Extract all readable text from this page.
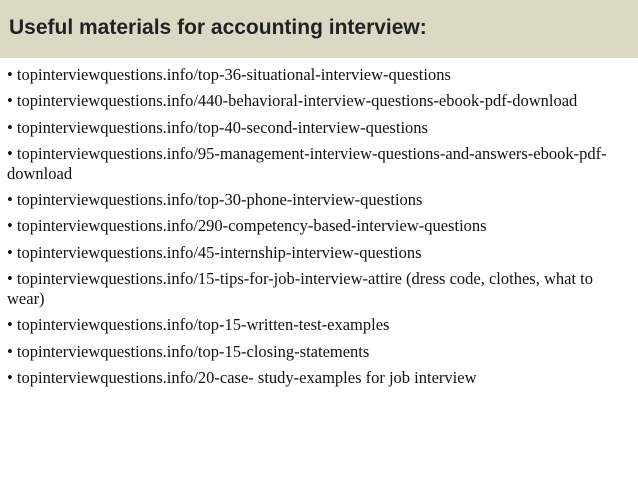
Useful materials for accounting interview:
• topinterviewquestions.info/top-36-situational-interview-questions
• topinterviewquestions.info/440-behavioral-interview-questions-ebook-pdf-download
• topinterviewquestions.info/top-40-second-interview-questions
• topinterviewquestions.info/95-management-interview-questions-and-answers-ebook-pdf-download
• topinterviewquestions.info/top-30-phone-interview-questions
• topinterviewquestions.info/290-competency-based-interview-questions
• topinterviewquestions.info/45-internship-interview-questions
• topinterviewquestions.info/15-tips-for-job-interview-attire (dress code, clothes, what to wear)
• topinterviewquestions.info/top-15-written-test-examples
• topinterviewquestions.info/top-15-closing-statements
• topinterviewquestions.info/20-case- study-examples for job interview
